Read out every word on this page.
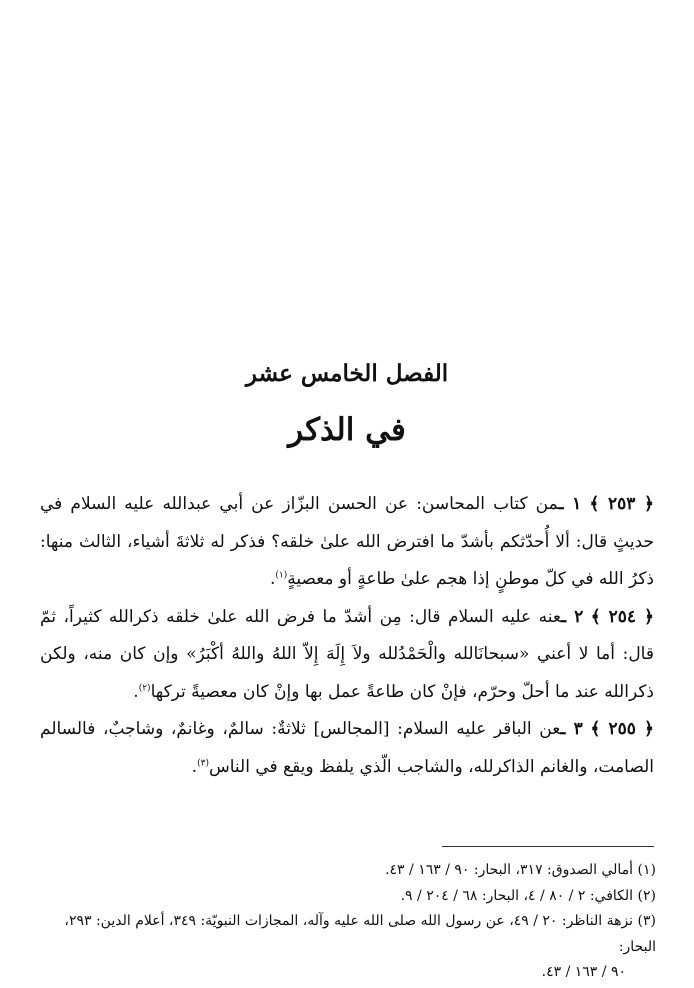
الفصل الخامس عشر
في الذكر

﴿ ٢٥٣ ﴾ ١ ـمن كتاب المحاسن: عن الحسن البزّاز عن أبي عبدالله عليه السلام في حديثٍ قال: ألا أُحدّثكم بأشدّ ما افترض الله علىٰ خلقه؟ فذكر له ثلاثةَ أشياء، الثالث منها: ذكرُ الله في كلّ موطنٍ إذا هجم علىٰ طاعةٍ أو معصيةٍ$^{(١)}$.

﴿ ٢٥٤ ﴾ ٢ ـعنه عليه السلام قال: مِن أشدّ ما فرض الله علىٰ خلقه ذكرالله كثيراً، ثمّ قال: أما لا أعني «سبحانَالله والْحَمْدُلله ولاَ إِلَهَ إِلاّ اللهُ واللهُ أكْبَرُ» وإن كان منه، ولكن ذكرالله عند ما أحلّ وحرّم، فإنْ كان طاعةً عمل بها وإنْ كان معصيةً تركها$^{(٢)}$.

﴿ ٢٥٥ ﴾ ٣ ـعن الباقر عليه السلام: [المجالس] ثلاثةٌ: سالمٌ، وغانمٌ، وشاجبٌ، فالسالم الصامت، والغانم الذاكرلله، والشاجب الّذي يلفظ ويقع في الناس$^{(٣)}$.

(١) أمالي الصدوق: ٣١٧، البحار: ٩٠ / ١٦٣ / ٤٣.

(٢) الكافي: ٢ / ٨٠ / ٤، البحار: ٦٨ / ٢٠٤ / ٩.

(٣) نزهة الناظر: ٢٠ / ٤٩، عن رسول الله صلى الله عليه وآله، المجازات النبويّة: ٣٤٩، أعلام الدين: ٢٩٣، البحار:

٩٠ / ١٦٣ / ٤٣.
